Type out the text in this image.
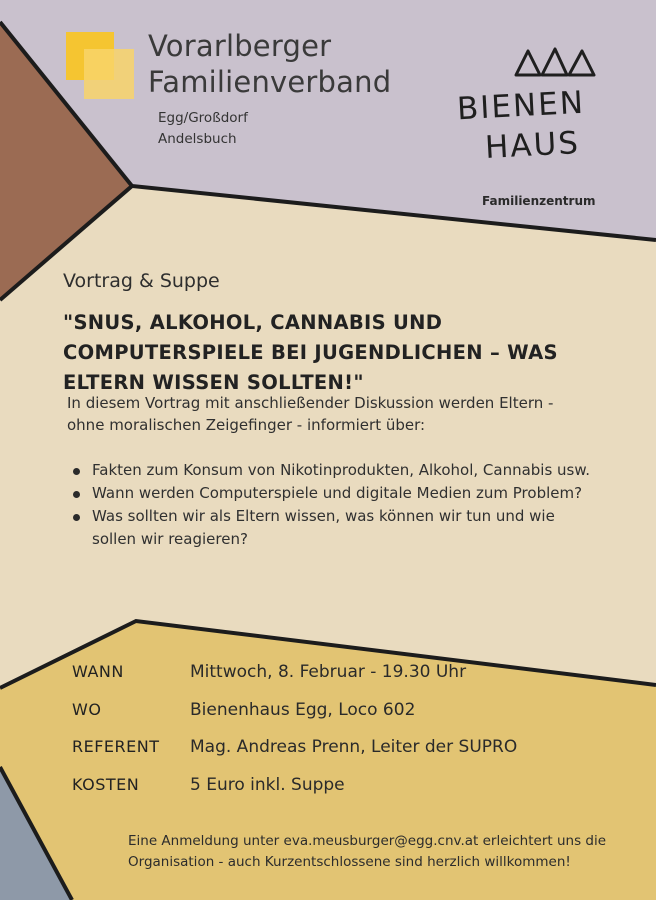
Vorarlberger
Familienverband
Egg/Großdorf
Andelsbuch
BIENEN
HAUS
Familienzentrum
Vortrag & Suppe
"SNUS, ALKOHOL, CANNABIS UND COMPUTERSPIELE BEI JUGENDLICHEN – WAS ELTERN WISSEN SOLLTEN!"
In diesem Vortrag mit anschließender Diskussion werden Eltern - ohne moralischen Zeigefinger - informiert über:
Fakten zum Konsum von Nikotinprodukten, Alkohol, Cannabis usw.
Wann werden Computerspiele und digitale Medien zum Problem?
Was sollten wir als Eltern wissen, was können wir tun und wie sollen wir reagieren?
WANN	Mittwoch, 8. Februar - 19.30 Uhr
WO	Bienenhaus Egg, Loco 602
REFERENT Mag. Andreas Prenn, Leiter der SUPRO
KOSTEN	5 Euro inkl. Suppe
Eine Anmeldung unter eva.meusburger@egg.cnv.at erleichtert uns die Organisation - auch Kurzentschlossene sind herzlich willkommen!
